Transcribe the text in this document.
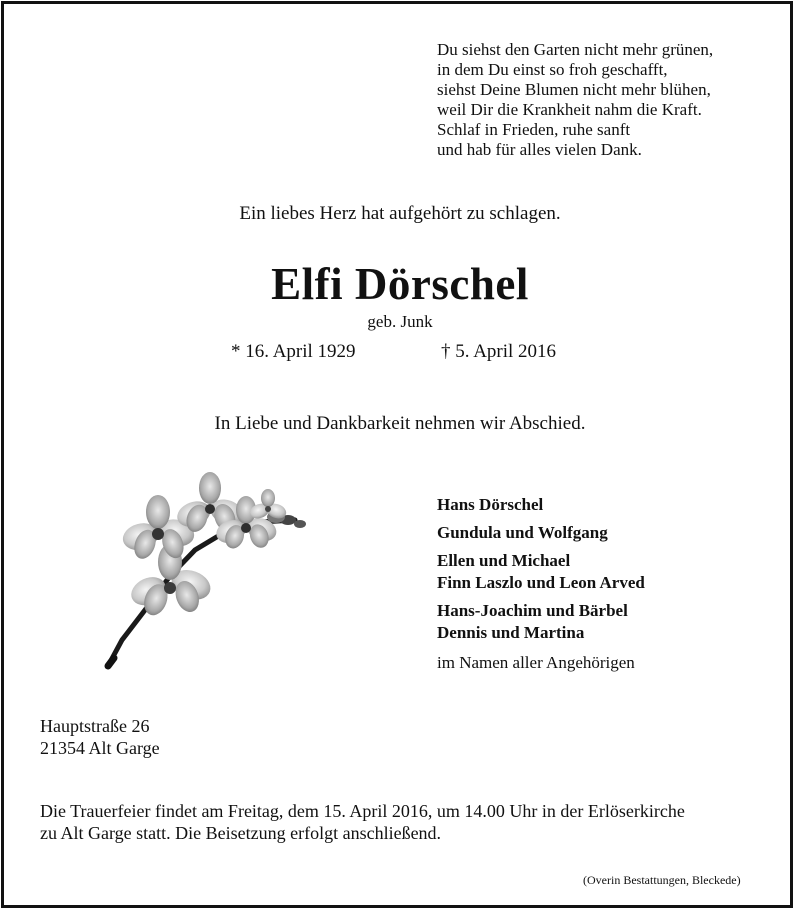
Du siehst den Garten nicht mehr grünen,
in dem Du einst so froh geschafft,
siehst Deine Blumen nicht mehr blühen,
weil Dir die Krankheit nahm die Kraft.
Schlaf in Frieden, ruhe sanft
und hab für alles vielen Dank.
Ein liebes Herz hat aufgehört zu schlagen.
Elfi Dörschel
geb. Junk
* 16. April 1929	† 5. April 2016
In Liebe und Dankbarkeit nehmen wir Abschied.
Hans Dörschel
Gundula und Wolfgang
Ellen und Michael
Finn Laszlo und Leon Arved
Hans-Joachim und Bärbel
Dennis und Martina
im Namen aller Angehörigen
Hauptstraße 26
21354 Alt Garge
Die Trauerfeier findet am Freitag, dem 15. April 2016, um 14.00 Uhr in der Erlöserkirche
zu Alt Garge statt. Die Beisetzung erfolgt anschließend.
(Overin Bestattungen, Bleckede)
